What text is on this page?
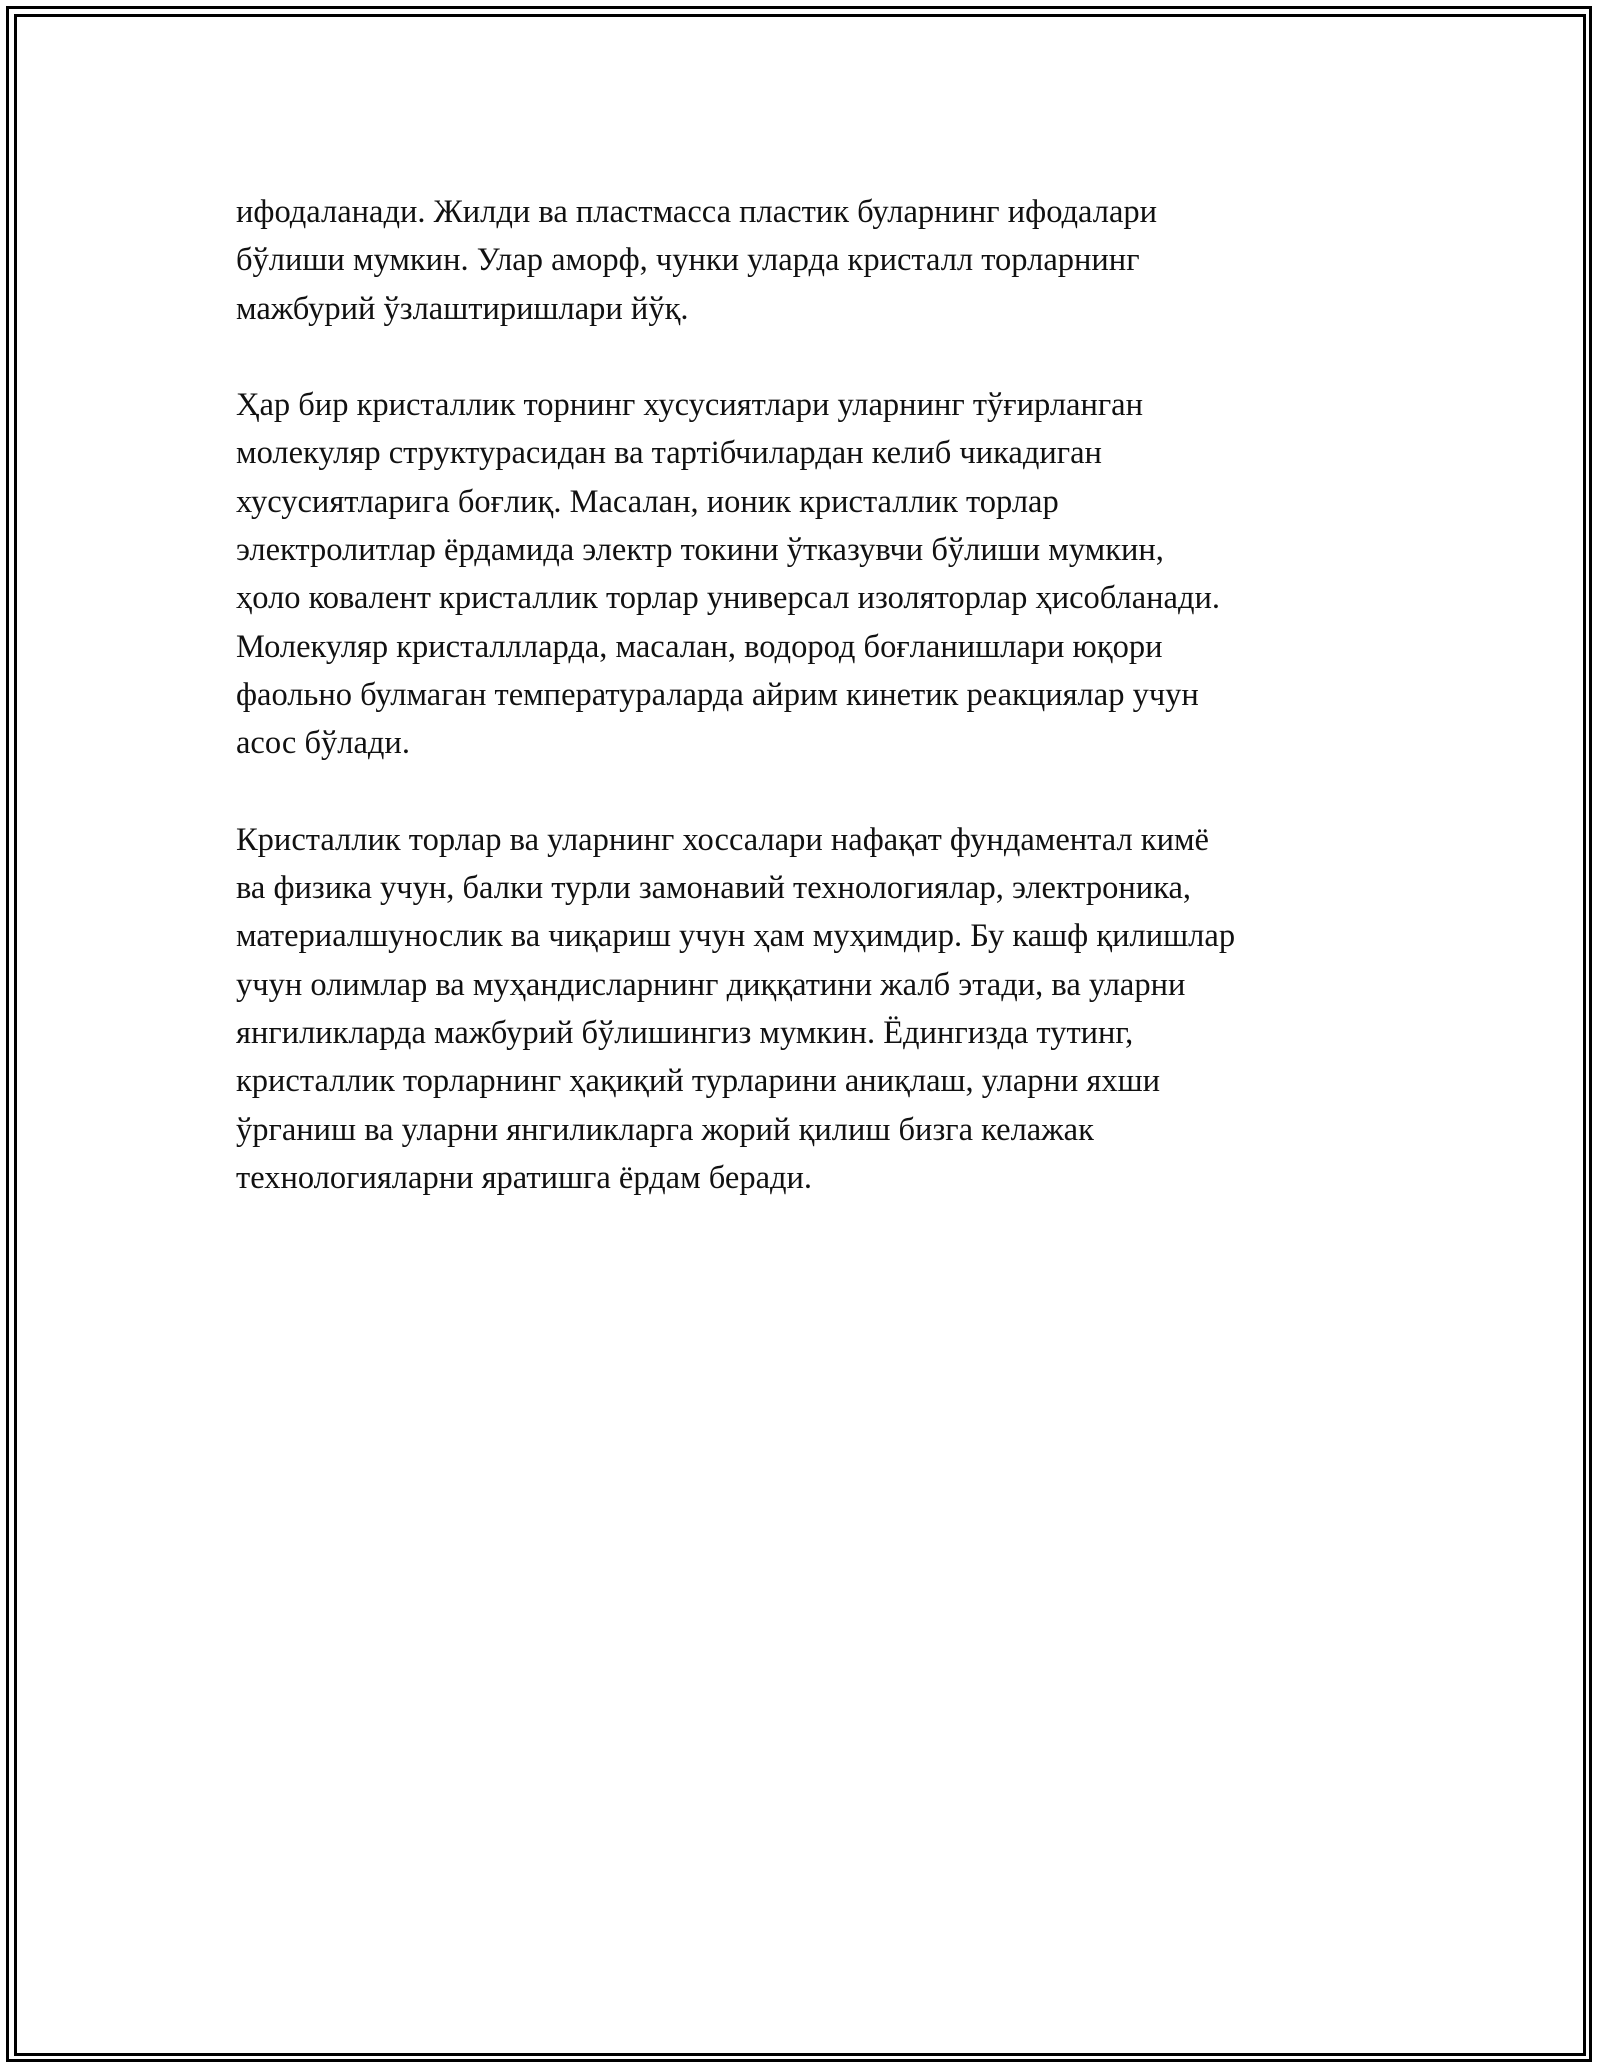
ифодаланади. Жилди ва пластмасса пластик буларнинг ифодалари
бўлиши мумкин. Улар аморф, чунки уларда кристалл торларнинг
мажбурий ўзлаштиришлари йўқ.

Ҳар бир кристаллик торнинг хусусиятлари уларнинг тўғирланган
молекуляр структурасидан ва тартiбчилардан келиб чикадиган
хусусиятларига боғлиқ. Масалан, ионик кристаллик торлар
электролитлар ёрдамида электр токини ўтказувчи бўлиши мумкин,
ҳоло ковалент кристаллик торлар универсал изоляторлар ҳисобланади.
Молекуляр кристаллларда, масалан, водород боғланишлари юқори
фаольно булмаган температураларда айрим кинетик реакциялар учун
асос бўлади.

Кристаллик торлар ва уларнинг хоссалари нафақат фундаментал кимё
ва физика учун, балки турли замонавий технологиялар, электроника,
материалшунослик ва чиқариш учун ҳам муҳимдир. Бу кашф қилишлар
учун олимлар ва муҳандисларнинг диққатини жалб этади, ва уларни
янгиликларда мажбурий бўлишингиз мумкин. Ёдингизда тутинг,
кристаллик торларнинг ҳақиқий турларини аниқлаш, уларни яхши
ўрганиш ва уларни янгиликларга жорий қилиш бизга келажак
технологияларни яратишга ёрдам беради.
